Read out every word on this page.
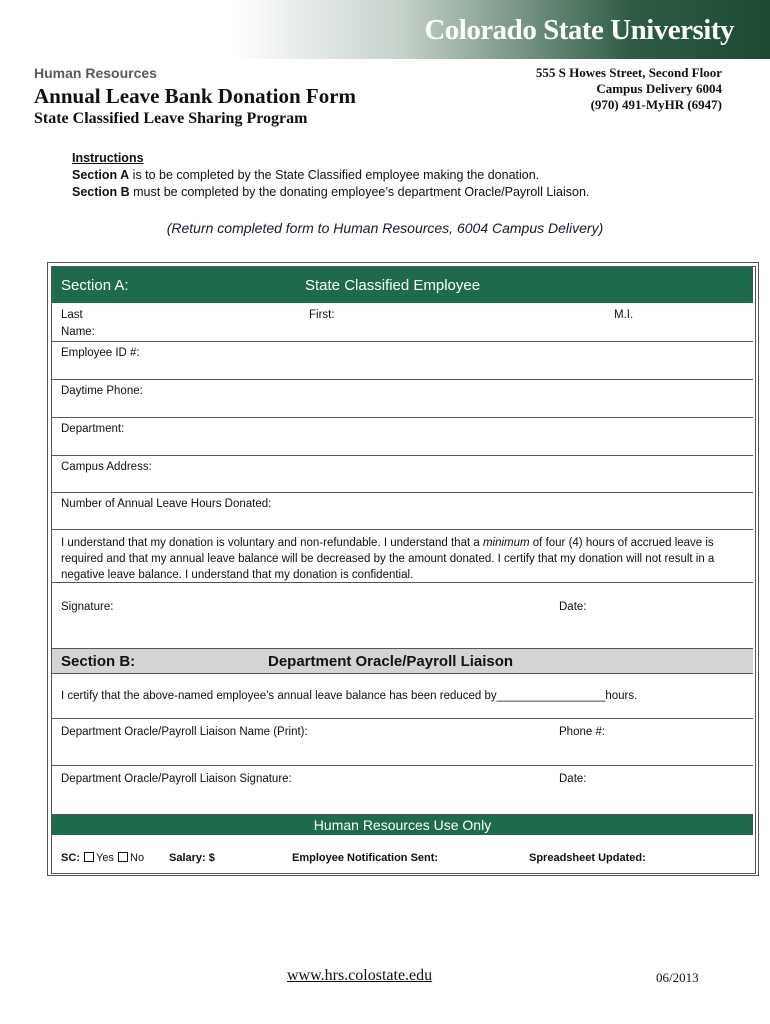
Colorado State University
Human Resources
Annual Leave Bank Donation Form
State Classified Leave Sharing Program
555 S Howes Street, Second Floor
Campus Delivery 6004
(970) 491-MyHR (6947)
Instructions
Section A is to be completed by the State Classified employee making the donation.
Section B must be completed by the donating employee’s department Oracle/Payroll Liaison.
(Return completed form to Human Resources, 6004 Campus Delivery)
Section A:	State Classified Employee
Last
Name:
First:	M.I.
Employee ID #:
Daytime Phone:
Department:
Campus Address:
Number of Annual Leave Hours Donated:
I understand that my donation is voluntary and non-refundable. I understand that a minimum of four (4) hours of accrued leave is required and that my annual leave balance will be decreased by the amount donated. I certify that my donation will not result in a negative leave balance. I understand that my donation is confidential.
Signature:	Date:
Section B:	Department Oracle/Payroll Liaison
I certify that the above-named employee's annual leave balance has been reduced by_________________hours.
Department Oracle/Payroll Liaison Name (Print):	Phone #:
Department Oracle/Payroll Liaison Signature:	Date:
Human Resources Use Only
SC: Yes No Salary: $	Employee Notification Sent:	Spreadsheet Updated:
www.hrs.colostate.edu	06/2013
